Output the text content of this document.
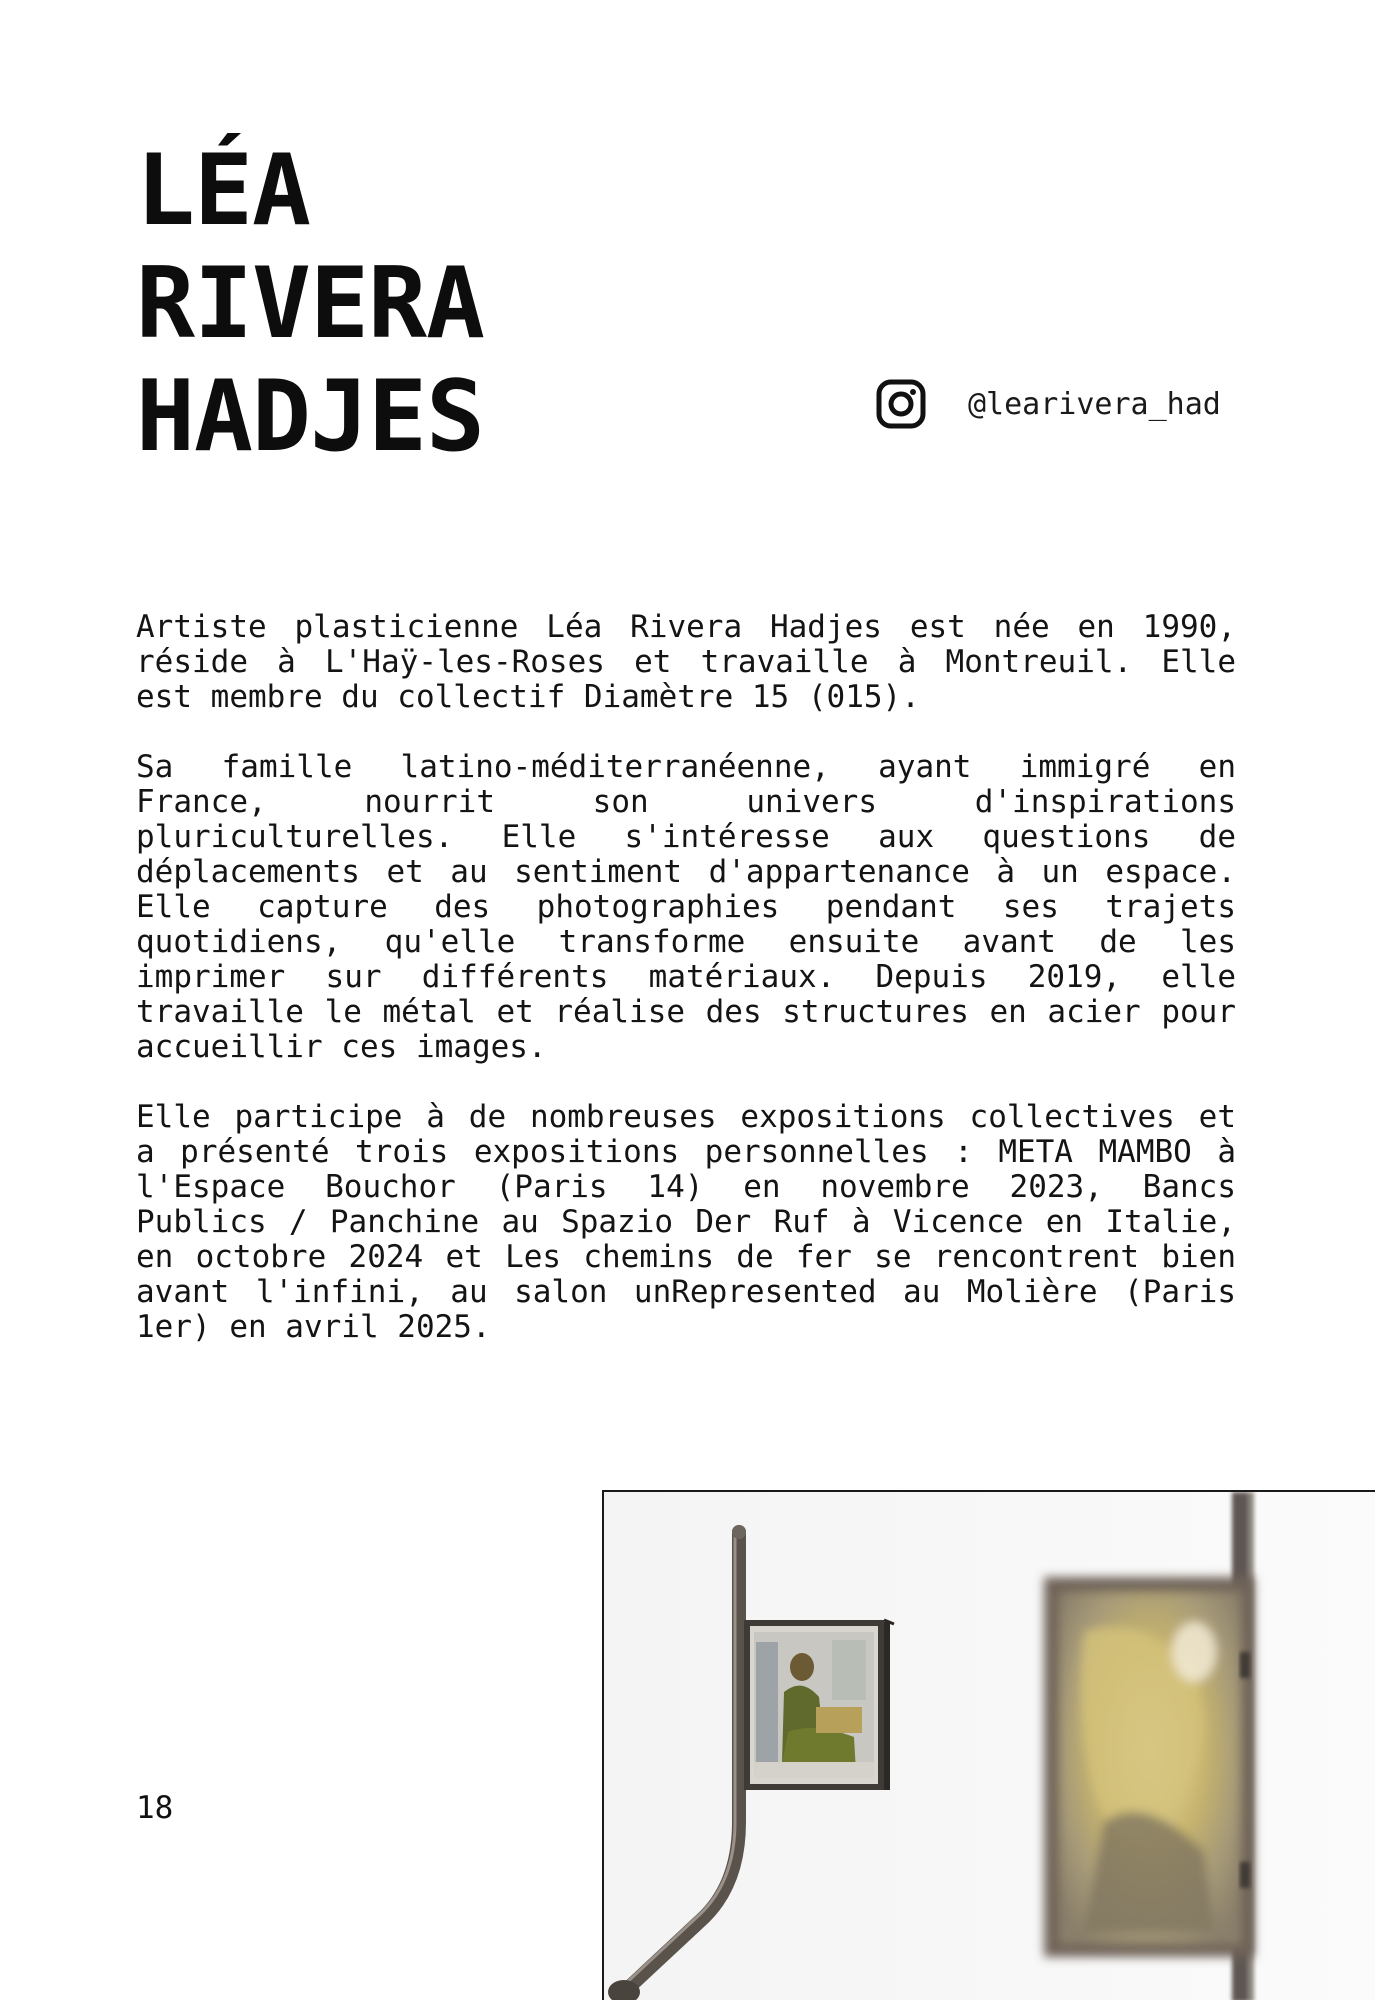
LÉA
RIVERA
HADJES	@learivera_had

Artiste plasticienne Léa Rivera Hadjes est née en 1990, réside à L'Haÿ-les-Roses et travaille à Montreuil. Elle est membre du collectif Diamètre 15 (015).

Sa famille latino-méditerranéenne, ayant immigré en France, nourrit son univers d'inspirations pluriculturelles. Elle s'intéresse aux questions de déplacements et au sentiment d'appartenance à un espace. Elle capture des photographies pendant ses trajets quotidiens, qu'elle transforme ensuite avant de les imprimer sur différents matériaux. Depuis 2019, elle travaille le métal et réalise des structures en acier pour accueillir ces images.

Elle participe à de nombreuses expositions collectives et a présenté trois expositions personnelles : META MAMBO à l'Espace Bouchor (Paris 14) en novembre 2023, Bancs Publics / Panchine au Spazio Der Ruf à Vicence en Italie, en octobre 2024 et Les chemins de fer se rencontrent bien avant l'infini, au salon unRepresented au Molière (Paris 1er) en avril 2025.

18
